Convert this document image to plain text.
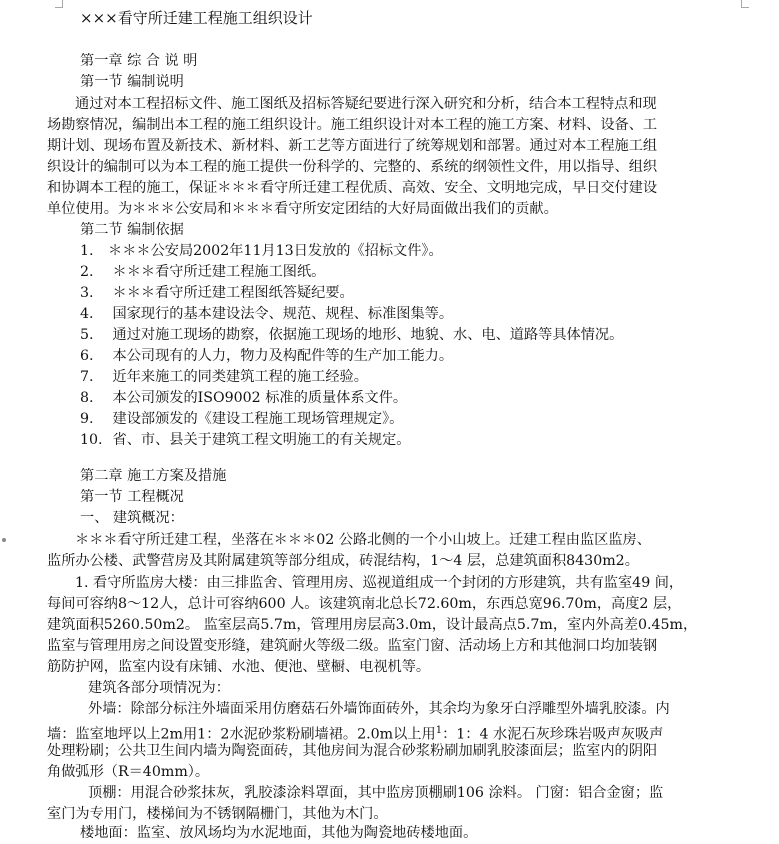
×××看守所迁建工程施工组织设计
第一章 综 合 说 明
第一节 编制说明
通过对本工程招标文件、施工图纸及招标答疑纪要进行深入研究和分析，结合本工程特点和现
场勘察情况，编制出本工程的施工组织设计。施工组织设计对本工程的施工方案、材料、设备、工
期计划、现场布置及新技术、新材料、新工艺等方面进行了统筹规划和部署。通过对本工程施工组
织设计的编制可以为本工程的施工提供一份科学的、完整的、系统的纲领性文件，用以指导、组织
和协调本工程的施工，保证＊＊＊看守所迁建工程优质、高效、安全、文明地完成，早日交付建设
单位使用。为＊＊＊公安局和＊＊＊看守所安定团结的大好局面做出我们的贡献。
第二节 编制依据
1. ＊＊＊公安局2002年11月13日发放的《招标文件》。
2. ＊＊＊看守所迁建工程施工图纸。
3. ＊＊＊看守所迁建工程图纸答疑纪要。
4. 国家现行的基本建设法令、规范、规程、标准图集等。
5. 通过对施工现场的勘察，依据施工现场的地形、地貌、水、电、道路等具体情况。
6. 本公司现有的人力，物力及构配件等的生产加工能力。
7. 近年来施工的同类建筑工程的施工经验。
8. 本公司颁发的ISO9002 标准的质量体系文件。
9. 建设部颁发的《建设工程施工现场管理规定》。
10. 省、市、县关于建筑工程文明施工的有关规定。
第二章 施工方案及措施
第一节 工程概况
一、 建筑概况：
＊＊＊看守所迁建工程，坐落在＊＊＊02 公路北侧的一个小山坡上。迁建工程由监区监房、
监所办公楼、武警营房及其附属建筑等部分组成，砖混结构，1～4 层，总建筑面积8430m2。
1. 看守所监房大楼：由三排监舍、管理用房、巡视道组成一个封闭的方形建筑，共有监室49 间，
每间可容纳8～12人，总计可容纳600 人。该建筑南北总长72.60m，东西总宽96.70m，高度2 层，
建筑面积5260.50m2。 监室层高5.7m，管理用房层高3.0m，设计最高点5.7m，室内外高差0.45m，
监室与管理用房之间设置变形缝，建筑耐火等级二级。监室门窗、活动场上方和其他洞口均加装钢
筋防护网，监室内设有床铺、水池、便池、壁橱、电视机等。
建筑各部分项情况为：
外墙：除部分标注外墙面采用仿磨菇石外墙饰面砖外，其余均为象牙白浮雕型外墙乳胶漆。内
墙：监室地坪以上2m用1：2水泥砂浆粉刷墙裙。2.0m以上用$^1$：1：4 水泥石灰珍珠岩吸声灰吸声
处理粉刷；公共卫生间内墙为陶瓷面砖，其他房间为混合砂浆粉刷加刷乳胶漆面层；监室内的阴阳
角做弧形（R＝40mm）。
顶棚：用混合砂浆抹灰，乳胶漆涂料罩面，其中监房顶棚刷106 涂料。 门窗：铝合金窗；监
室门为专用门，楼梯间为不锈钢隔栅门，其他为木门。
楼地面：监室、放风场均为水泥地面，其他为陶瓷地砖楼地面。
